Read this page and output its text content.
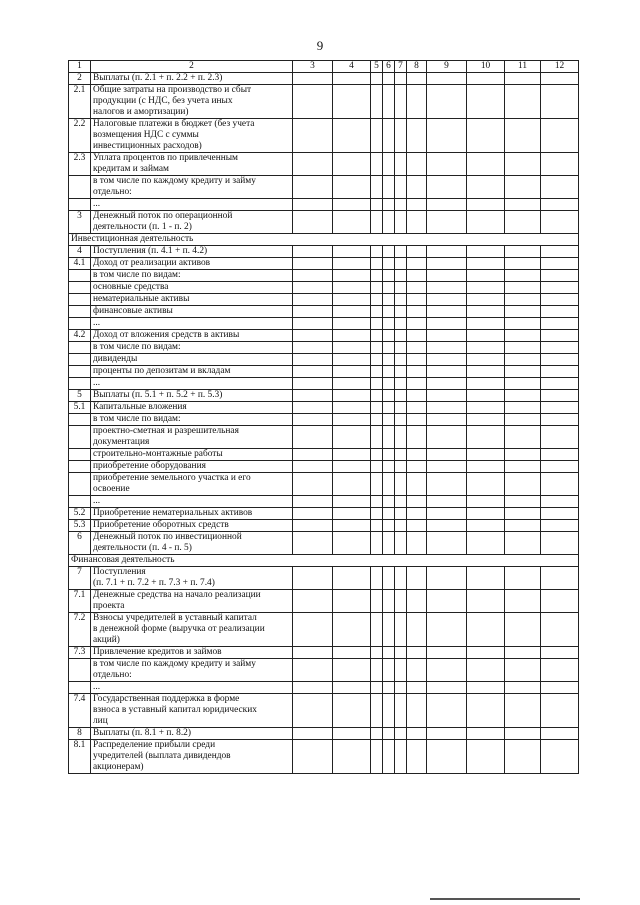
9
1	2	3	4	5	6	7	8	9	10	11	12
2	Выплаты (п. 2.1 + п. 2.2 + п. 2.3)										

2.1	Общие затраты на производство и сбыт
продукции (с НДС, без учета иных
налогов и амортизации)										

2.2	Налоговые платежи в бюджет (без учета
возмещения НДС с суммы
инвестиционных расходов)										

2.3	Уплата процентов по привлеченным
кредитам и займам										

	в том числе по каждому кредиту и займу
отдельно:										

	...										

3	Денежный поток по операционной
деятельности (п. 1 - п. 2)										

Инвестиционная деятельность											
4	Поступления (п. 4.1 + п. 4.2)										

4.1	Доход от реализации активов										

	в том числе по видам:										

	основные средства										

	нематериальные активы										

	финансовые активы										

	...										

4.2	Доход от вложения средств в активы										

	в том числе по видам:										

	дивиденды										

	проценты по депозитам и вкладам										

	...										

5	Выплаты (п. 5.1 + п. 5.2 + п. 5.3)										

5.1	Капитальные вложения										

	в том числе по видам:										

	проектно-сметная и разрешительная
документация										

	строительно-монтажные работы										

	приобретение оборудования										

	приобретение земельного участка и его
освоение										

	...										

5.2	Приобретение нематериальных активов										

5.3	Приобретение оборотных средств										

6	Денежный поток по инвестиционной
деятельности (п. 4 - п. 5)										

Финансовая деятельность											
7	Поступления
(п. 7.1 + п. 7.2 + п. 7.3 + п. 7.4)										

7.1	Денежные средства на начало реализации
проекта										

7.2	Взносы учредителей в уставный капитал
в денежной форме (выручка от реализации
акций)										

7.3	Привлечение кредитов и займов										

	в том числе по каждому кредиту и займу
отдельно:										

	...										

7.4	Государственная поддержка в форме
взноса в уставный капитал юридических
лиц										

8	Выплаты (п. 8.1 + п. 8.2)										

8.1	Распределение прибыли среди
учредителей (выплата дивидендов
акционерам)										
